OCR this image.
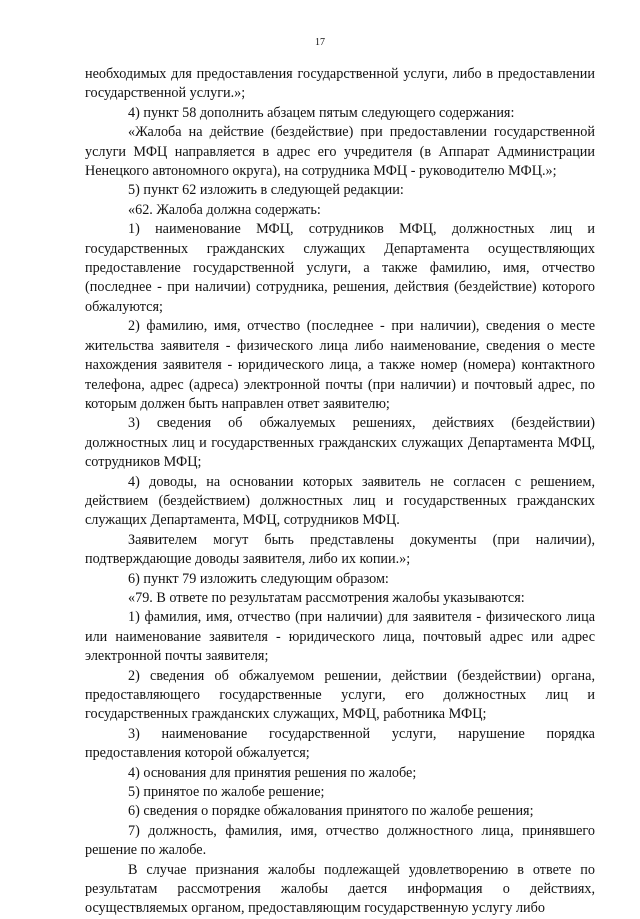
17

необходимых для предоставления государственной услуги, либо в предоставлении государственной услуги.»;

4) пункт 58 дополнить абзацем пятым следующего содержания:

«Жалоба на действие (бездействие) при предоставлении государственной услуги МФЦ направляется в адрес его учредителя (в Аппарат Администрации Ненецкого автономного округа), на сотрудника МФЦ - руководителю МФЦ.»;

5) пункт 62 изложить в следующей редакции:

«62. Жалоба должна содержать:

1) наименование МФЦ, сотрудников МФЦ, должностных лиц и государственных гражданских служащих Департамента осуществляющих предоставление государственной услуги, а также фамилию, имя, отчество (последнее - при наличии) сотрудника, решения, действия (бездействие) которого обжалуются;

2) фамилию, имя, отчество (последнее - при наличии), сведения о месте жительства заявителя - физического лица либо наименование, сведения о месте нахождения заявителя - юридического лица, а также номер (номера) контактного телефона, адрес (адреса) электронной почты (при наличии) и почтовый адрес, по которым должен быть направлен ответ заявителю;

3) сведения об обжалуемых решениях, действиях (бездействии) должностных лиц и государственных гражданских служащих Департамента МФЦ, сотрудников МФЦ;

4) доводы, на основании которых заявитель не согласен с решением, действием (бездействием) должностных лиц и государственных гражданских служащих Департамента, МФЦ, сотрудников МФЦ.

Заявителем могут быть представлены документы (при наличии), подтверждающие доводы заявителя, либо их копии.»;

6) пункт 79 изложить следующим образом:

«79. В ответе по результатам рассмотрения жалобы указываются:

1) фамилия, имя, отчество (при наличии) для заявителя - физического лица или наименование заявителя - юридического лица, почтовый адрес или адрес электронной почты заявителя;

2) сведения об обжалуемом решении, действии (бездействии) органа, предоставляющего государственные услуги, его должностных лиц и государственных гражданских служащих, МФЦ, работника МФЦ;

3) наименование государственной услуги, нарушение порядка предоставления которой обжалуется;

4) основания для принятия решения по жалобе;

5) принятое по жалобе решение;

6) сведения о порядке обжалования принятого по жалобе решения;

7) должность, фамилия, имя, отчество должностного лица, принявшего решение по жалобе.

В случае признания жалобы подлежащей удовлетворению в ответе по результатам рассмотрения жалобы дается информация о действиях, осуществляемых органом, предоставляющим государственную услугу либо
